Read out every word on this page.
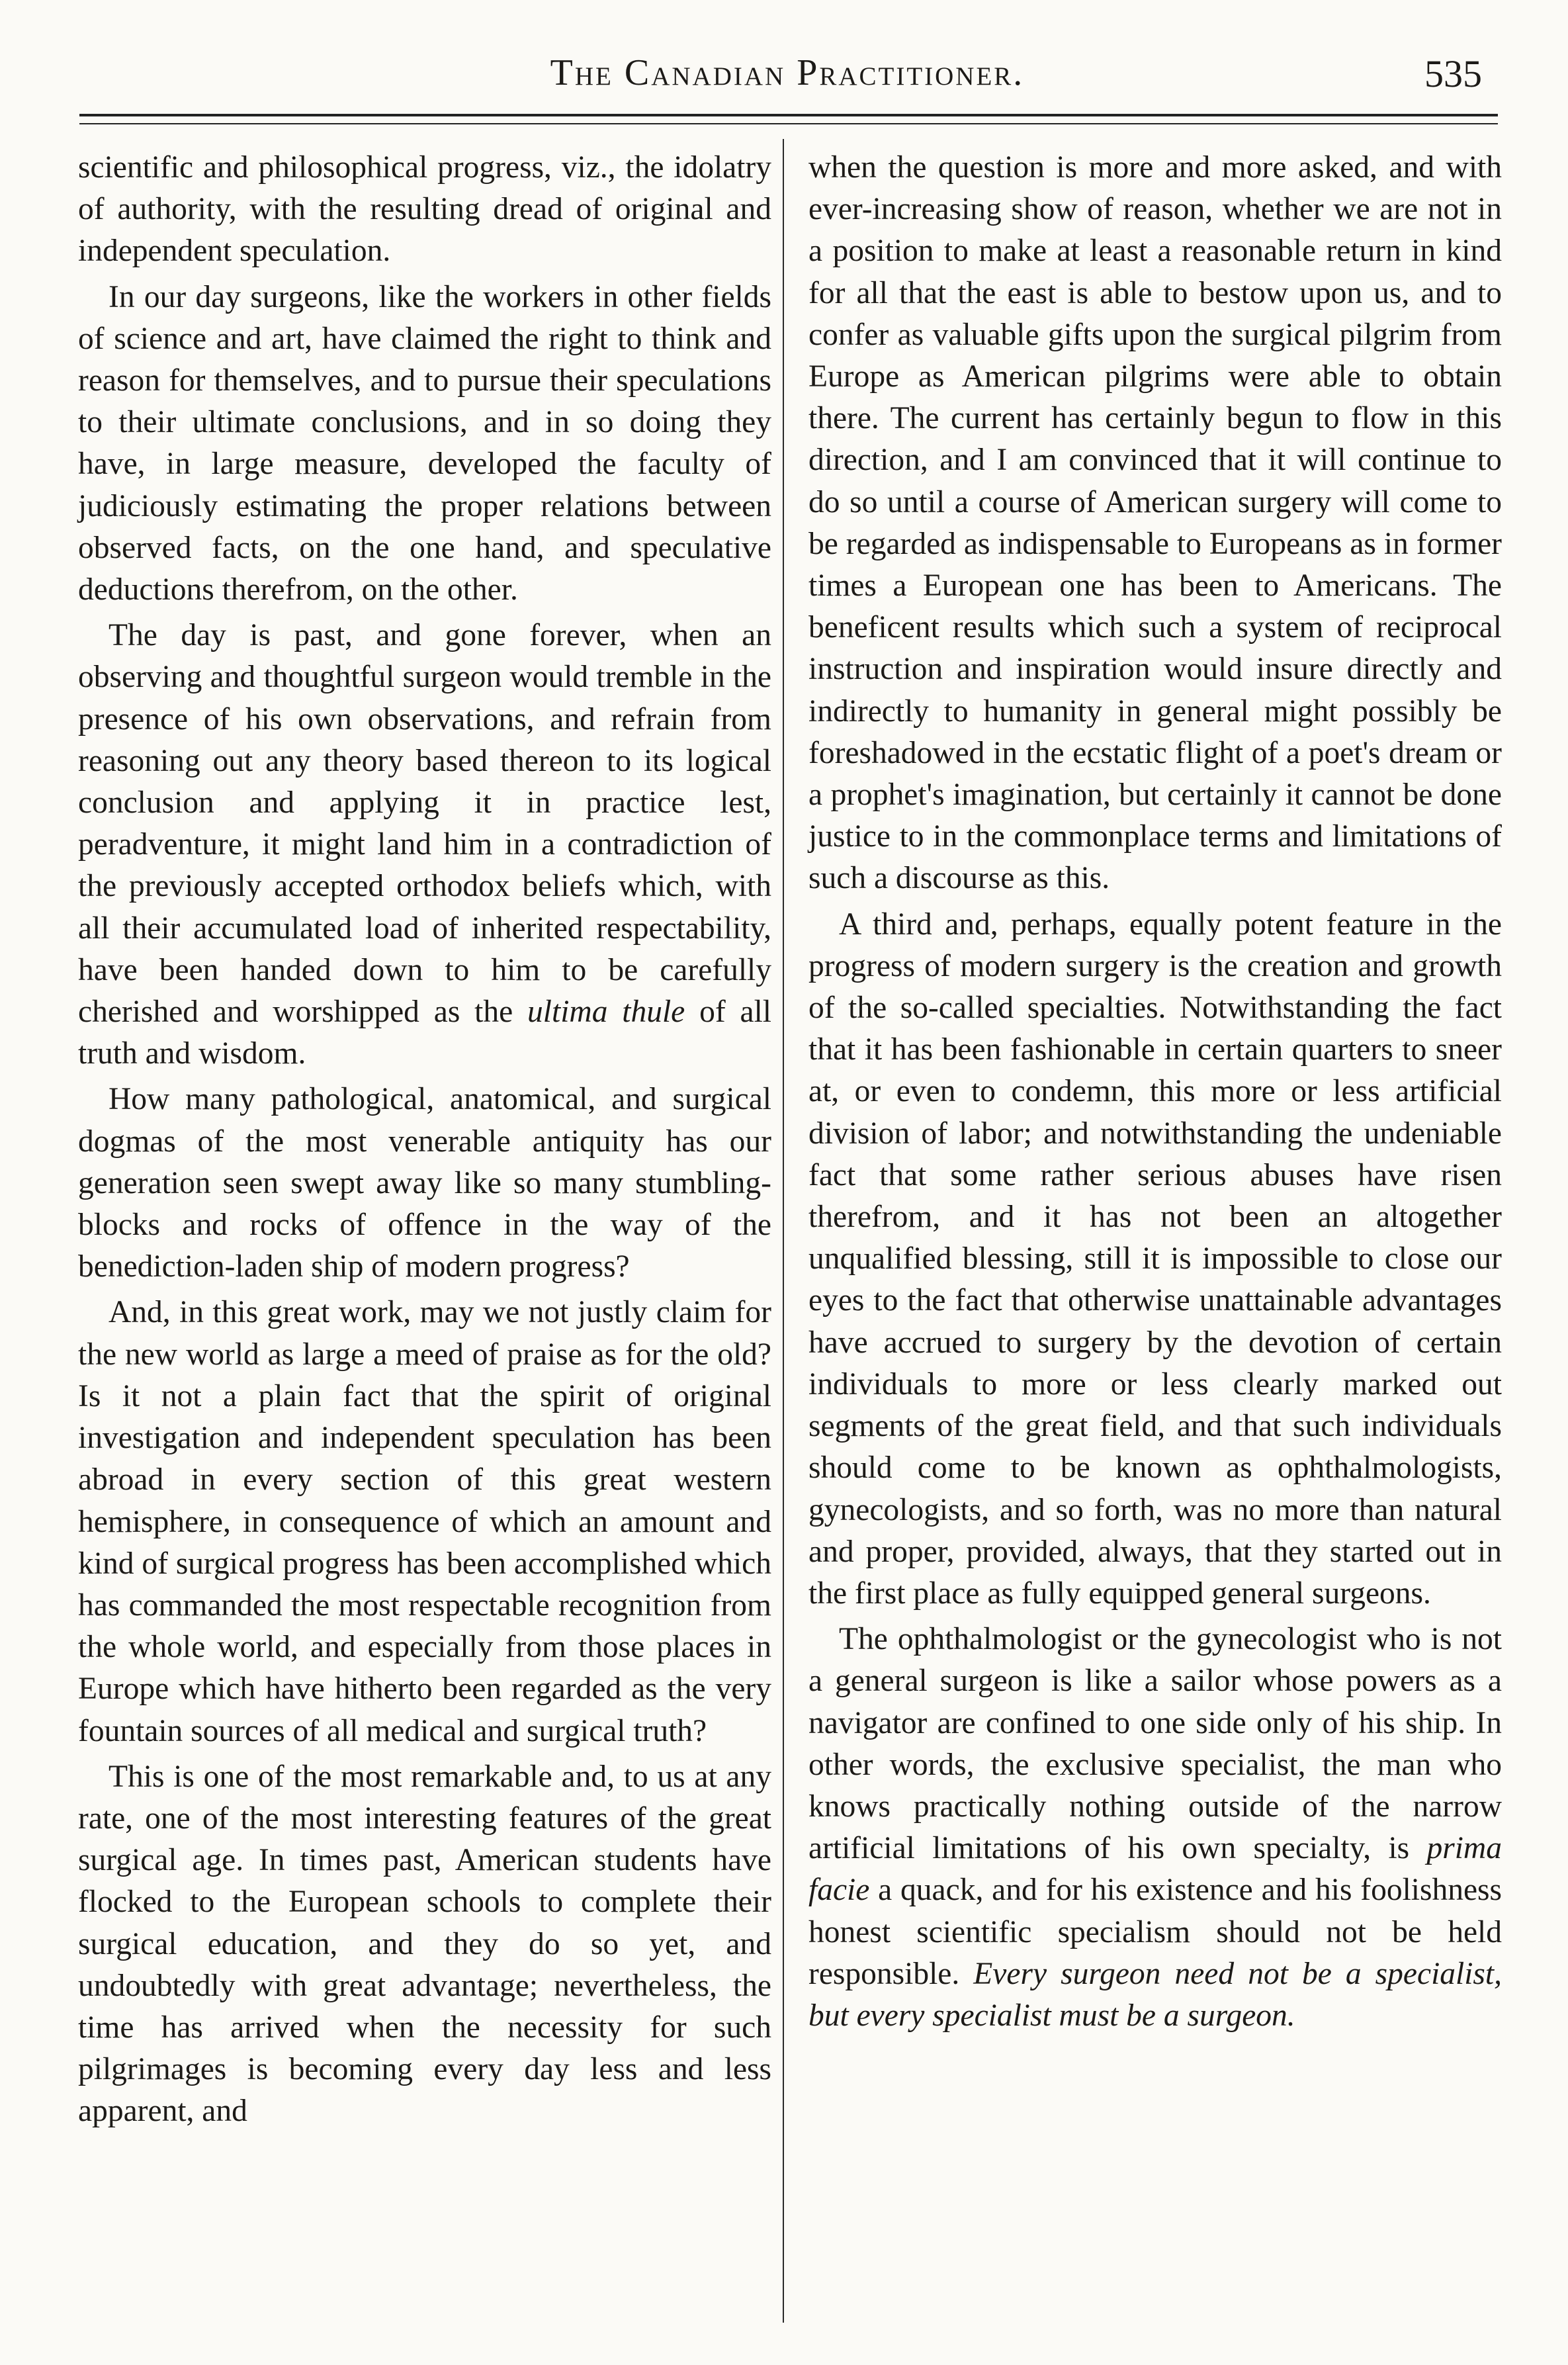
The Canadian Practitioner.	535

scientific and philosophical progress, viz., the idolatry of authority, with the resulting dread of original and independent speculation.

In our day surgeons, like the workers in other fields of science and art, have claimed the right to think and reason for themselves, and to pursue their speculations to their ultimate conclusions, and in so doing they have, in large measure, developed the faculty of judiciously estimating the proper relations between observed facts, on the one hand, and speculative deductions therefrom, on the other.

The day is past, and gone forever, when an observing and thoughtful surgeon would tremble in the presence of his own observations, and refrain from reasoning out any theory based thereon to its logical conclusion and applying it in practice lest, peradventure, it might land him in a contradiction of the previously accepted orthodox beliefs which, with all their accumulated load of inherited respectability, have been handed down to him to be carefully cherished and worshipped as the ultima thule of all truth and wisdom.

How many pathological, anatomical, and surgical dogmas of the most venerable antiquity has our generation seen swept away like so many stumbling-blocks and rocks of offence in the way of the benediction-laden ship of modern progress?

And, in this great work, may we not justly claim for the new world as large a meed of praise as for the old? Is it not a plain fact that the spirit of original investigation and independent speculation has been abroad in every section of this great western hemisphere, in consequence of which an amount and kind of surgical progress has been accomplished which has commanded the most respectable recognition from the whole world, and especially from those places in Europe which have hitherto been regarded as the very fountain sources of all medical and surgical truth?

This is one of the most remarkable and, to us at any rate, one of the most interesting features of the great surgical age. In times past, American students have flocked to the European schools to complete their surgical education, and they do so yet, and undoubtedly with great advantage; nevertheless, the time has arrived when the necessity for such pilgrimages is becoming every day less and less apparent, and

when the question is more and more asked, and with ever-increasing show of reason, whether we are not in a position to make at least a reasonable return in kind for all that the east is able to bestow upon us, and to confer as valuable gifts upon the surgical pilgrim from Europe as American pilgrims were able to obtain there. The current has certainly begun to flow in this direction, and I am convinced that it will continue to do so until a course of American surgery will come to be regarded as indispensable to Europeans as in former times a European one has been to Americans. The beneficent results which such a system of reciprocal instruction and inspiration would insure directly and indirectly to humanity in general might possibly be foreshadowed in the ecstatic flight of a poet's dream or a prophet's imagination, but certainly it cannot be done justice to in the commonplace terms and limitations of such a discourse as this.

A third and, perhaps, equally potent feature in the progress of modern surgery is the creation and growth of the so-called specialties. Notwithstanding the fact that it has been fashionable in certain quarters to sneer at, or even to condemn, this more or less artificial division of labor; and notwithstanding the undeniable fact that some rather serious abuses have risen therefrom, and it has not been an altogether unqualified blessing, still it is impossible to close our eyes to the fact that otherwise unattainable advantages have accrued to surgery by the devotion of certain individuals to more or less clearly marked out segments of the great field, and that such individuals should come to be known as ophthalmologists, gynecologists, and so forth, was no more than natural and proper, provided, always, that they started out in the first place as fully equipped general surgeons.

The ophthalmologist or the gynecologist who is not a general surgeon is like a sailor whose powers as a navigator are confined to one side only of his ship. In other words, the exclusive specialist, the man who knows practically nothing outside of the narrow artificial limitations of his own specialty, is prima facie a quack, and for his existence and his foolishness honest scientific specialism should not be held responsible. Every surgeon need not be a specialist, but every specialist must be a surgeon.
